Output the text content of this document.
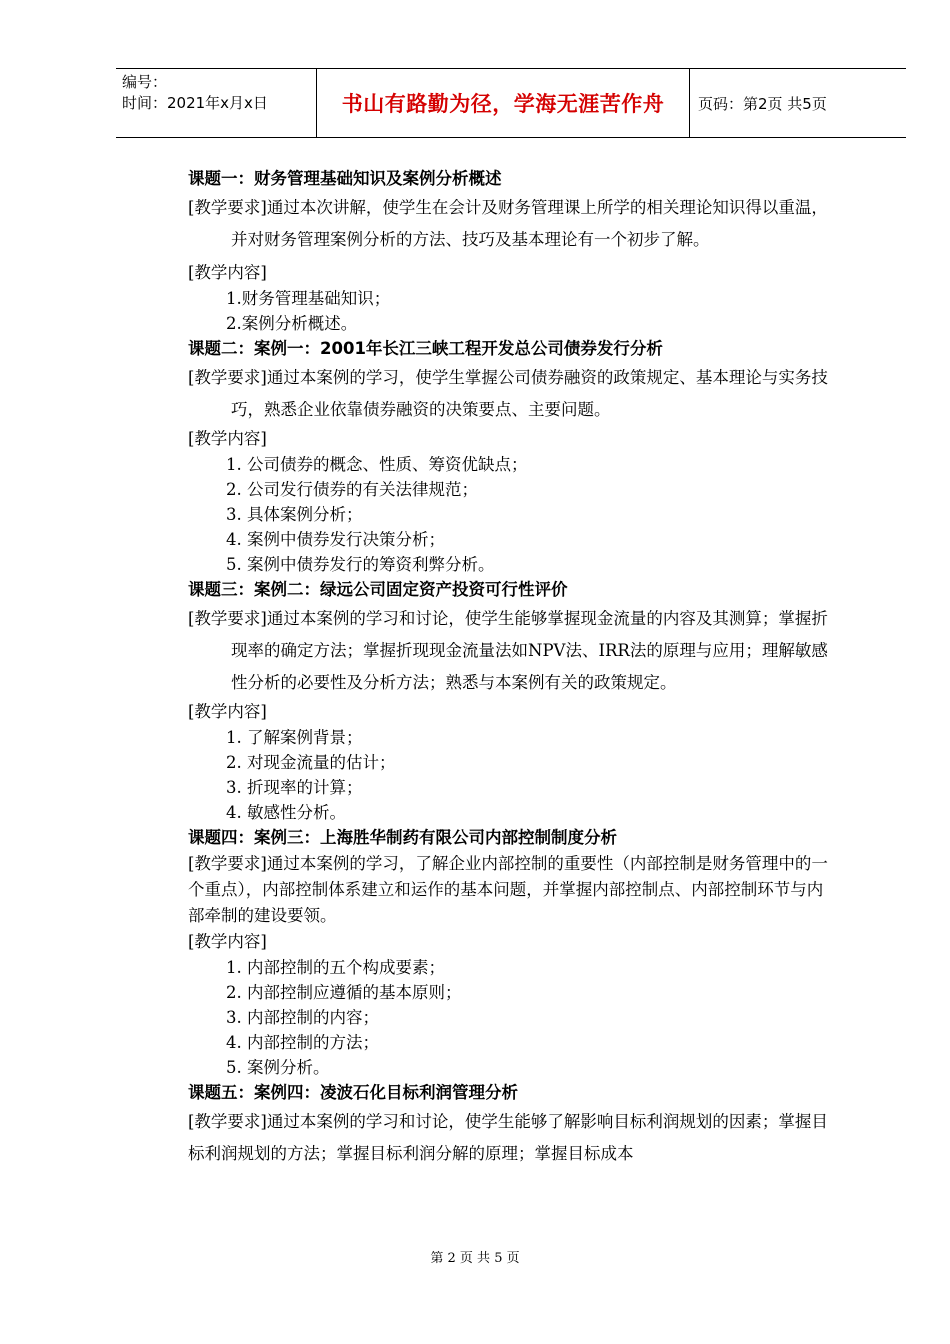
编号：
时间：2021年x月x日	书山有路勤为径，学海无涯苦作舟 页码：第2页 共5页

课题一：财务管理基础知识及案例分析概述

[教学要求]通过本次讲解，使学生在会计及财务管理课上所学的相关理论知识得以重温，并对财务管理案例分析的方法、技巧及基本理论有一个初步了解。

[教学内容]

1.财务管理基础知识；
2.案例分析概述。

课题二：案例一：2001年长江三峡工程开发总公司债券发行分析

[教学要求]通过本案例的学习，使学生掌握公司债券融资的政策规定、基本理论与实务技巧，熟悉企业依靠债券融资的决策要点、主要问题。

[教学内容]

1. 公司债券的概念、性质、筹资优缺点；
2. 公司发行债券的有关法律规范；
3. 具体案例分析；
4. 案例中债券发行决策分析；
5. 案例中债券发行的筹资利弊分析。

课题三：案例二：绿远公司固定资产投资可行性评价

[教学要求]通过本案例的学习和讨论，使学生能够掌握现金流量的内容及其测算；掌握折现率的确定方法；掌握折现现金流量法如NPV法、IRR法的原理与应用；理解敏感性分析的必要性及分析方法；熟悉与本案例有关的政策规定。

[教学内容]

1. 了解案例背景；
2. 对现金流量的估计；
3. 折现率的计算；
4. 敏感性分析。

课题四：案例三：上海胜华制药有限公司内部控制制度分析

[教学要求]通过本案例的学习，了解企业内部控制的重要性（内部控制是财务管理中的一个重点），内部控制体系建立和运作的基本问题，并掌握内部控制点、内部控制环节与内部牵制的建设要领。

[教学内容]

1. 内部控制的五个构成要素；
2. 内部控制应遵循的基本原则；
3. 内部控制的内容；
4. 内部控制的方法；
5. 案例分析。

课题五：案例四：凌波石化目标利润管理分析

[教学要求]通过本案例的学习和讨论，使学生能够了解影响目标利润规划的因素；掌握目标利润规划的方法；掌握目标利润分解的原理；掌握目标成本

第 2 页 共 5 页
